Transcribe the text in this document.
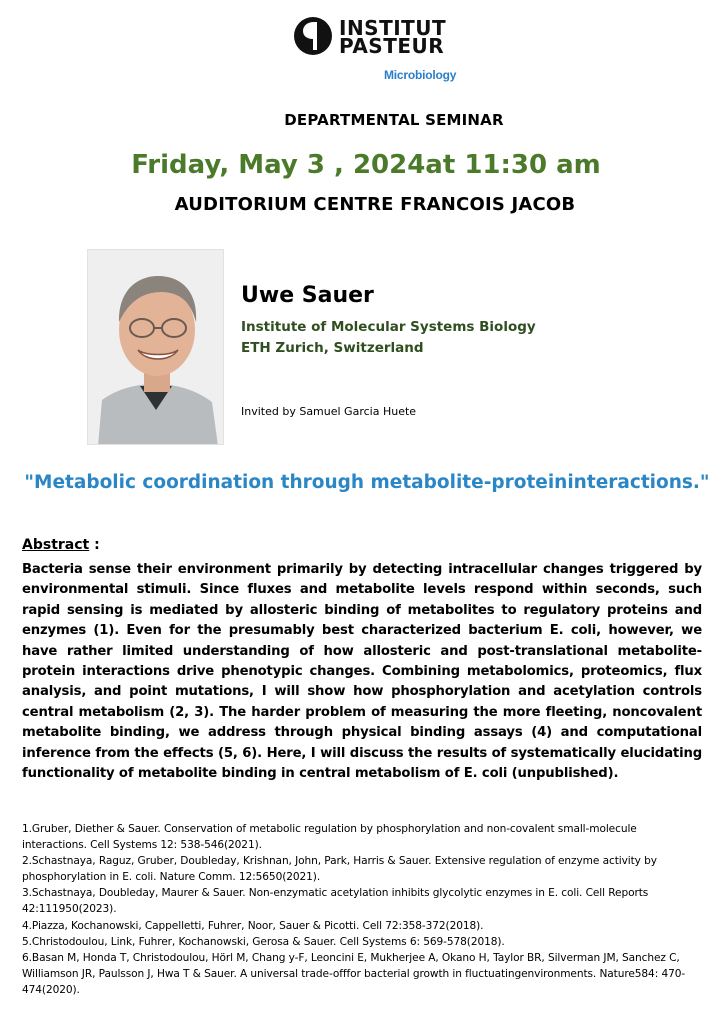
INSTITUT
PASTEUR
Microbiology
DEPARTMENTAL SEMINAR
Friday, May 3 , 2024at 11:30 am
AUDITORIUM CENTRE FRANCOIS JACOB
Uwe Sauer
Institute of Molecular Systems Biology
ETH Zurich, Switzerland
Invited by Samuel Garcia Huete
"Metabolic coordination through metabolite-proteininteractions."
Abstract :
Bacteria sense their environment primarily by detecting intracellular changes triggered by environmental stimuli. Since fluxes and metabolite levels respond within seconds, such rapid sensing is mediated by allosteric binding of metabolites to regulatory proteins and enzymes (1). Even for the presumably best characterized bacterium E. coli, however, we have rather limited understanding of how allosteric and post-translational metabolite-protein interactions drive phenotypic changes. Combining metabolomics, proteomics, flux analysis, and point mutations, I will show how phosphorylation and acetylation controls central metabolism (2, 3). The harder problem of measuring the more fleeting, noncovalent metabolite binding, we address through physical binding assays (4) and computational inference from the effects (5, 6). Here, I will discuss the results of systematically elucidating functionality of metabolite binding in central metabolism of E. coli (unpublished).
1.Gruber, Diether & Sauer. Conservation of metabolic regulation by phosphorylation and non-covalent small-molecule interactions. Cell Systems 12: 538-546(2021).
2.Schastnaya, Raguz, Gruber, Doubleday, Krishnan, John, Park, Harris & Sauer. Extensive regulation of enzyme activity by phosphorylation in E. coli. Nature Comm. 12:5650(2021).
3.Schastnaya, Doubleday, Maurer & Sauer. Non-enzymatic acetylation inhibits glycolytic enzymes in E. coli. Cell Reports 42:111950(2023).
4.Piazza, Kochanowski, Cappelletti, Fuhrer, Noor, Sauer & Picotti. Cell 72:358-372(2018).
5.Christodoulou, Link, Fuhrer, Kochanowski, Gerosa & Sauer. Cell Systems 6: 569-578(2018).
6.Basan M, Honda T, Christodoulou, Hörl M, Chang y-F, Leoncini E, Mukherjee A, Okano H, Taylor BR, Silverman JM, Sanchez C, Williamson JR, Paulsson J, Hwa T & Sauer. A universal trade-offfor bacterial growth in fluctuatingenvironments. Nature584: 470-474(2020).
